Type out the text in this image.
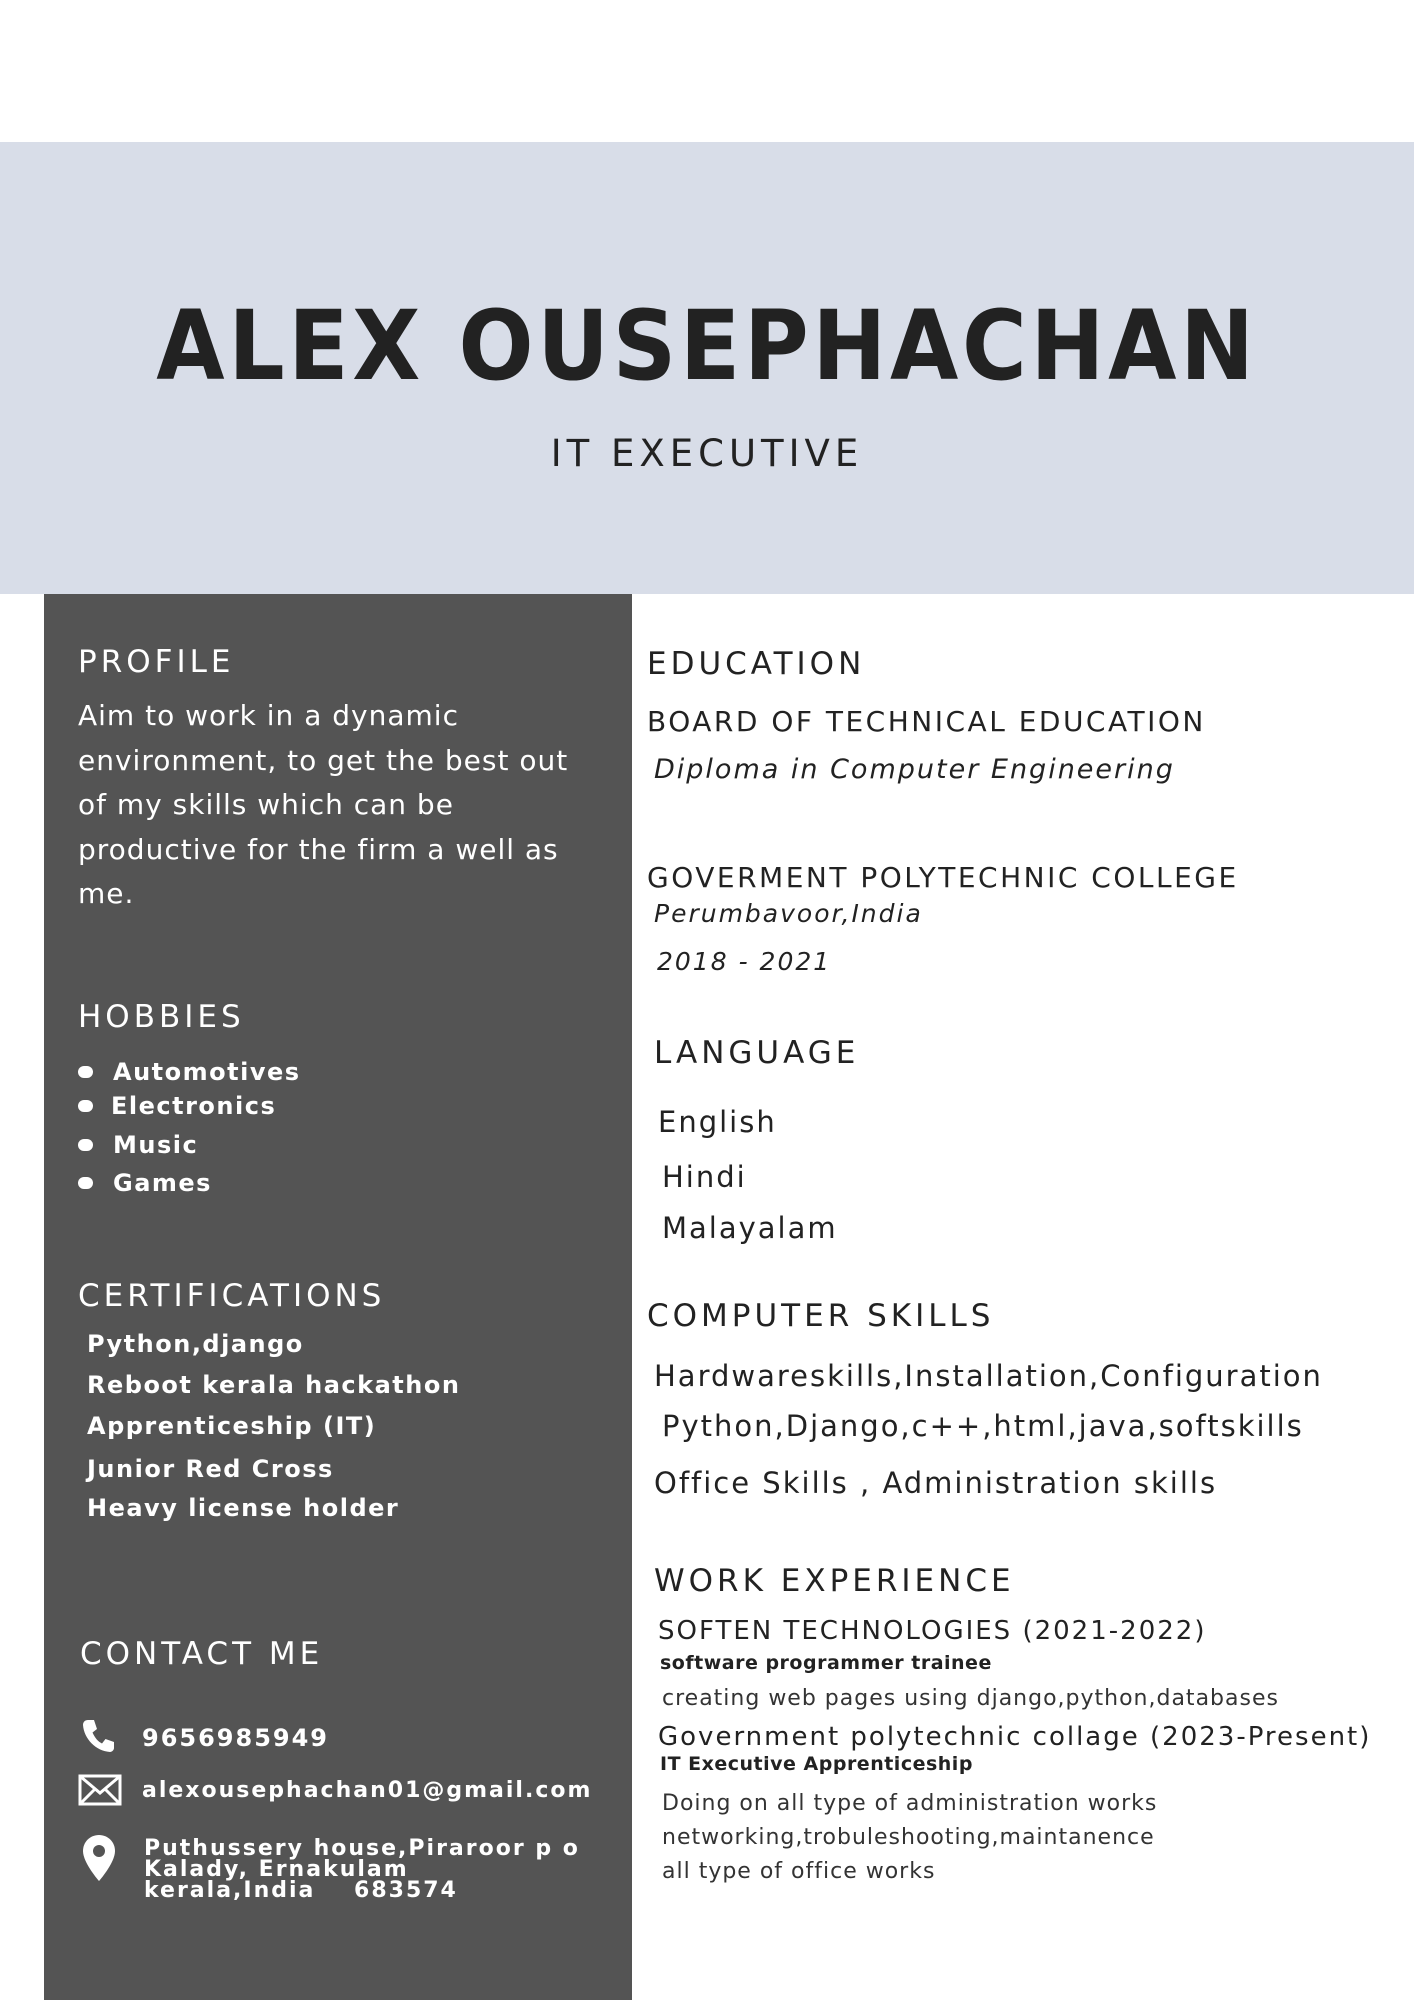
ALEX OUSEPHACHAN
IT EXECUTIVE
PROFILE
Aim to work in a dynamic environment, to get the best out of my skills which can be productive for the firm a well as me.
HOBBIES
Automotives
Electronics
Music
Games
CERTIFICATIONS
Python,django
Reboot kerala hackathon
Apprenticeship (IT)
Junior Red Cross
Heavy license holder
CONTACT ME
9656985949
alexousephachan01@gmail.com
Puthussery house,Piraroor p o
Kalady, Ernakulam
kerala,India    683574
EDUCATION
BOARD OF TECHNICAL EDUCATION
Diploma in Computer Engineering
GOVERMENT POLYTECHNIC COLLEGE
Perumbavoor,India
2018 - 2021
LANGUAGE
English
Hindi
Malayalam
COMPUTER SKILLS
Hardwareskills,Installation,Configuration
Python,Django,c++,html,java,softskills
Office Skills , Administration skills
WORK EXPERIENCE
SOFTEN TECHNOLOGIES (2021-2022)
software programmer trainee
creating web pages using django,python,databases
Government polytechnic collage (2023-Present)
IT Executive Apprenticeship
Doing on all type of administration works
networking,trobuleshooting,maintanence
all type of office works
